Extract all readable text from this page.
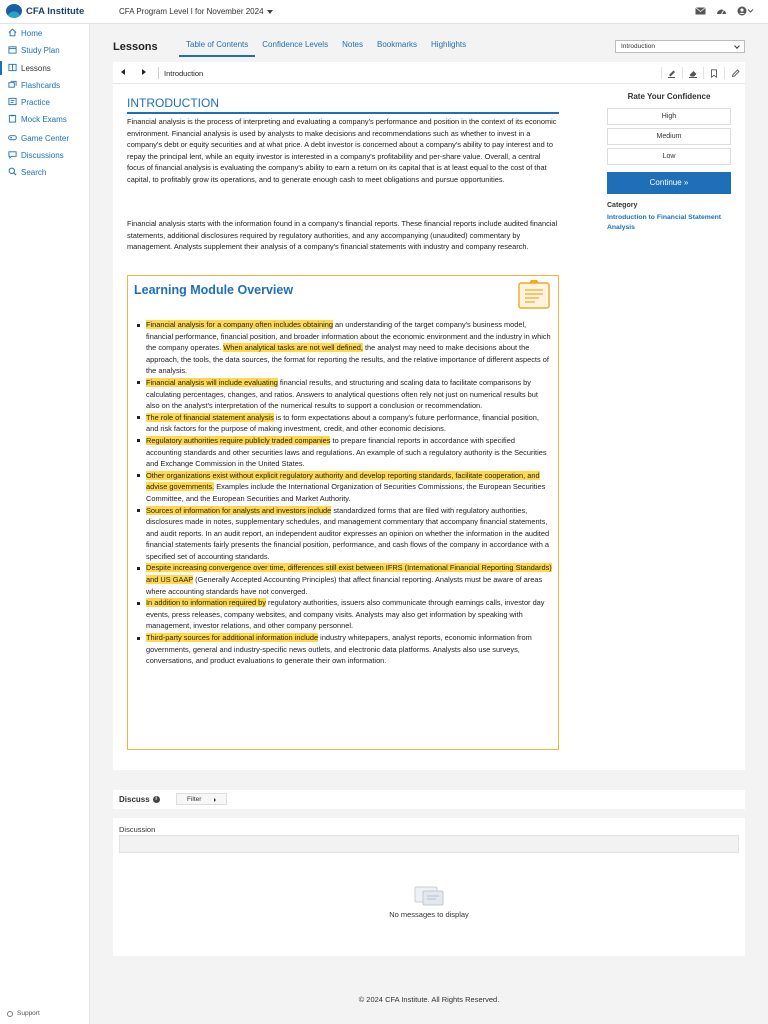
CFA Institute	CFA Program Level I for November 2024
Home
Study Plan
Lessons
Flashcards
Practice
Mock Exams
Game Center
Discussions
Search
Support
Lessons	Table of Contents	Confidence Levels	Notes	Bookmarks	Highlights	Introduction
Introduction
INTRODUCTION

Financial analysis is the process of interpreting and evaluating a company's performance and position in the context of its economic environment. Financial analysis is used by analysts to make decisions and recommendations such as whether to invest in a company's debt or equity securities and at what price. A debt investor is concerned about a company's ability to pay interest and to repay the principal lent, while an equity investor is interested in a company's profitability and per-share value. Overall, a central focus of financial analysis is evaluating the company's ability to earn a return on its capital that is at least equal to the cost of that capital, to profitably grow its operations, and to generate enough cash to meet obligations and pursue opportunities.

Financial analysis starts with the information found in a company's financial reports. These financial reports include audited financial statements, additional disclosures required by regulatory authorities, and any accompanying (unaudited) commentary by management. Analysts supplement their analysis of a company's financial statements with industry and company research.

Learning Module Overview
Financial analysis for a company often includes obtaining an understanding of the target company's business model, financial performance, financial position, and broader information about the economic environment and the industry in which the company operates. When analytical tasks are not well defined, the analyst may need to make decisions about the approach, the tools, the data sources, the format for reporting the results, and the relative importance of different aspects of the analysis.
Financial analysis will include evaluating financial results, and structuring and scaling data to facilitate comparisons by calculating percentages, changes, and ratios. Answers to analytical questions often rely not just on numerical results but also on the analyst's interpretation of the numerical results to support a conclusion or recommendation.
The role of financial statement analysis is to form expectations about a company's future performance, financial position, and risk factors for the purpose of making investment, credit, and other economic decisions.
Regulatory authorities require publicly traded companies to prepare financial reports in accordance with specified accounting standards and other securities laws and regulations. An example of such a regulatory authority is the Securities and Exchange Commission in the United States.
Other organizations exist without explicit regulatory authority and develop reporting standards, facilitate cooperation, and advise governments. Examples include the International Organization of Securities Commissions, the European Securities Committee, and the European Securities and Market Authority.
Sources of information for analysts and investors include standardized forms that are filed with regulatory authorities, disclosures made in notes, supplementary schedules, and management commentary that accompany financial statements, and audit reports. In an audit report, an independent auditor expresses an opinion on whether the information in the audited financial statements fairly presents the financial position, performance, and cash flows of the company in accordance with a specified set of accounting standards.
Despite increasing convergence over time, differences still exist between IFRS (International Financial Reporting Standards) and US GAAP (Generally Accepted Accounting Principles) that affect financial reporting. Analysts must be aware of areas where accounting standards have not converged.
In addition to information required by regulatory authorities, issuers also communicate through earnings calls, investor day events, press releases, company websites, and company visits. Analysts may also get information by speaking with management, investor relations, and other company personnel.
Third-party sources for additional information include industry whitepapers, analyst reports, economic information from governments, general and industry-specific news outlets, and electronic data platforms. Analysts also use surveys, conversations, and product evaluations to generate their own information.
Rate Your Confidence
High
Medium
Low
Continue »
Category
Introduction to Financial Statement Analysis
Discuss	i	Filter
Discussion
No messages to display
© 2024 CFA Institute. All Rights Reserved.
